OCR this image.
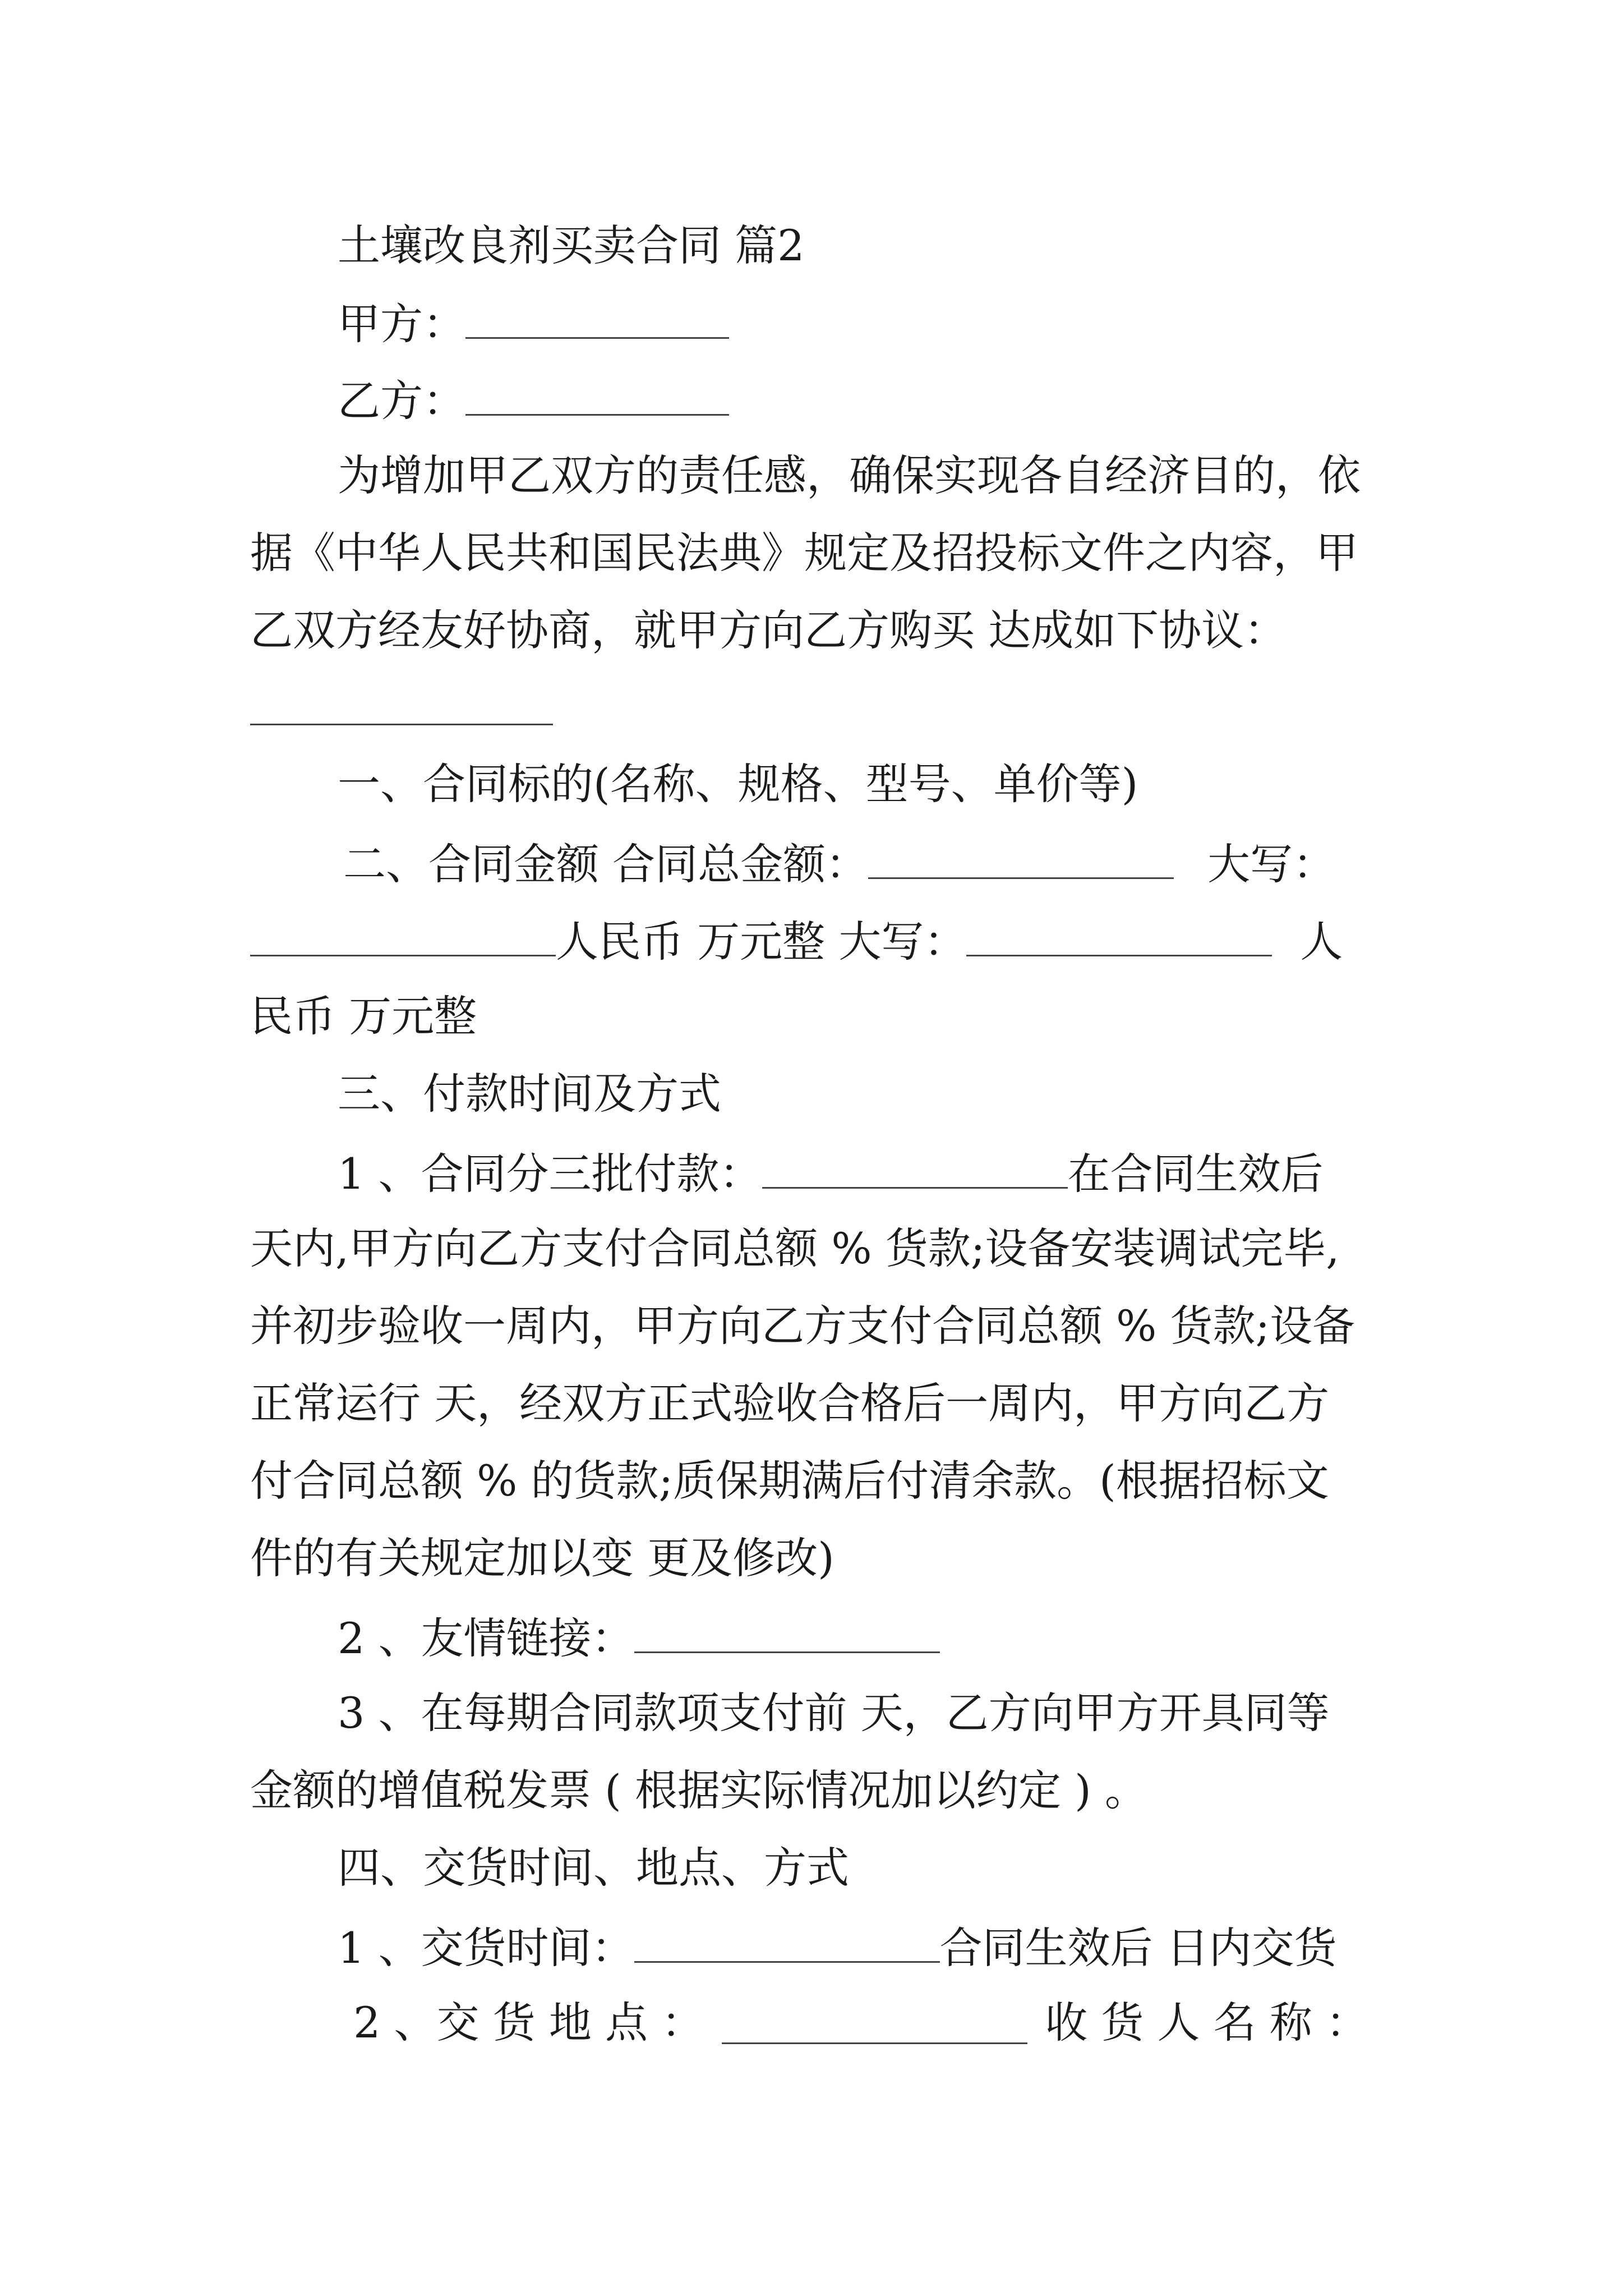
土壤改良剂买卖合同 篇2
甲方：
乙方：
为增加甲乙双方的责任感，确保实现各自经济目的，依
据《中华人民共和国民法典》规定及招投标文件之内容，甲
乙双方经友好协商，就甲方向乙方购买 达成如下协议：
一、合同标的(名称、规格、型号、单价等)
二、合同金额 合同总金额：	大写：
人民币 万元整 大写：	人
民币 万元整
三、付款时间及方式
1 、合同分三批付款：	在合同生效后
天内,甲方向乙方支付合同总额 % 货款;设备安装调试完毕,
并初步验收一周内，甲方向乙方支付合同总额 % 货款;设备
正常运行 天，经双方正式验收合格后一周内，甲方向乙方
付合同总额 % 的货款;质保期满后付清余款。(根据招标文
件的有关规定加以变 更及修改)
2 、友情链接：
3 、在每期合同款项支付前 天，乙方向甲方开具同等
金额的增值税发票 ( 根据实际情况加以约定 ) 。
四、交货时间、地点、方式
1 、交货时间：	合同生效后 日内交货
2 、交 货 地 点 ：	收 货 人 名 称 ：
